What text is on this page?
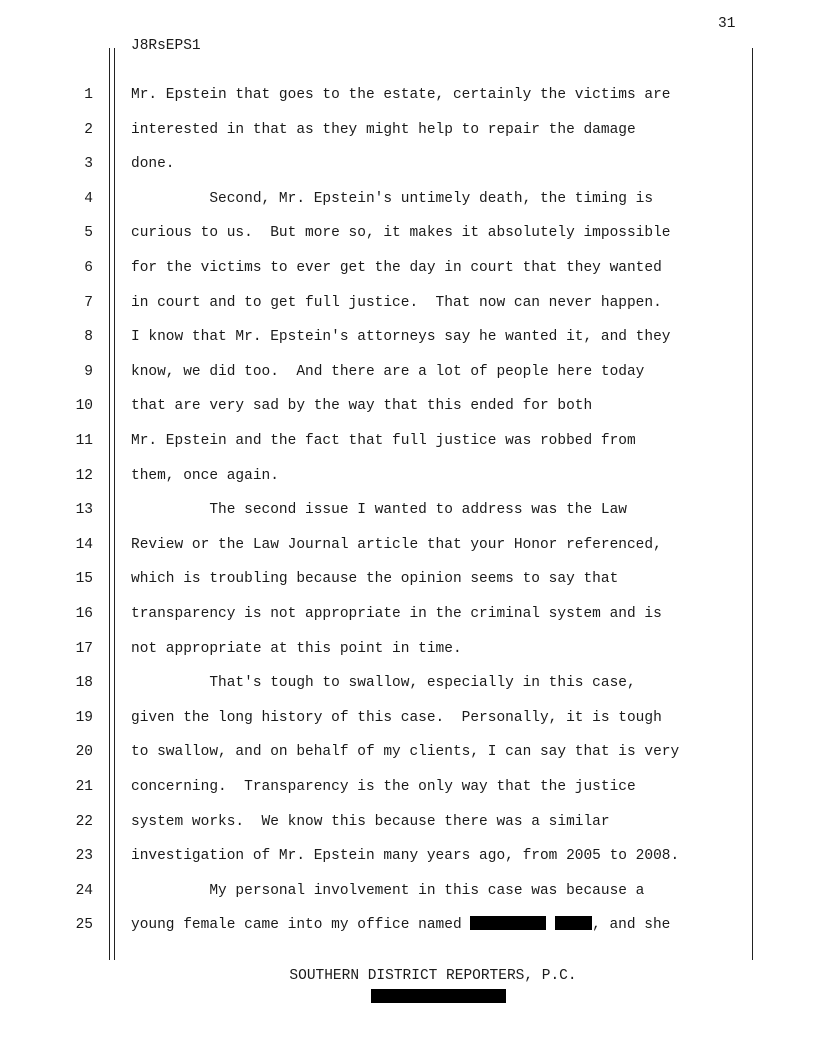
31
J8RsEPS1
1	Mr. Epstein that goes to the estate, certainly the victims are
2	interested in that as they might help to repair the damage
3	done.
4	Second, Mr. Epstein's untimely death, the timing is
5	curious to us.  But more so, it makes it absolutely impossible
6	for the victims to ever get the day in court that they wanted
7	in court and to get full justice.  That now can never happen.
8	I know that Mr. Epstein's attorneys say he wanted it, and they
9	know, we did too.  And there are a lot of people here today
10	that are very sad by the way that this ended for both
11	Mr. Epstein and the fact that full justice was robbed from
12	them, once again.
13	The second issue I wanted to address was the Law
14	Review or the Law Journal article that your Honor referenced,
15	which is troubling because the opinion seems to say that
16	transparency is not appropriate in the criminal system and is
17	not appropriate at this point in time.
18	That's tough to swallow, especially in this case,
19	given the long history of this case.  Personally, it is tough
20	to swallow, and on behalf of my clients, I can say that is very
21	concerning.  Transparency is the only way that the justice
22	system works.  We know this because there was a similar
23	investigation of Mr. Epstein many years ago, from 2005 to 2008.
24	My personal involvement in this case was because a
25	young female came into my office named	, and she
SOUTHERN DISTRICT REPORTERS, P.C.
